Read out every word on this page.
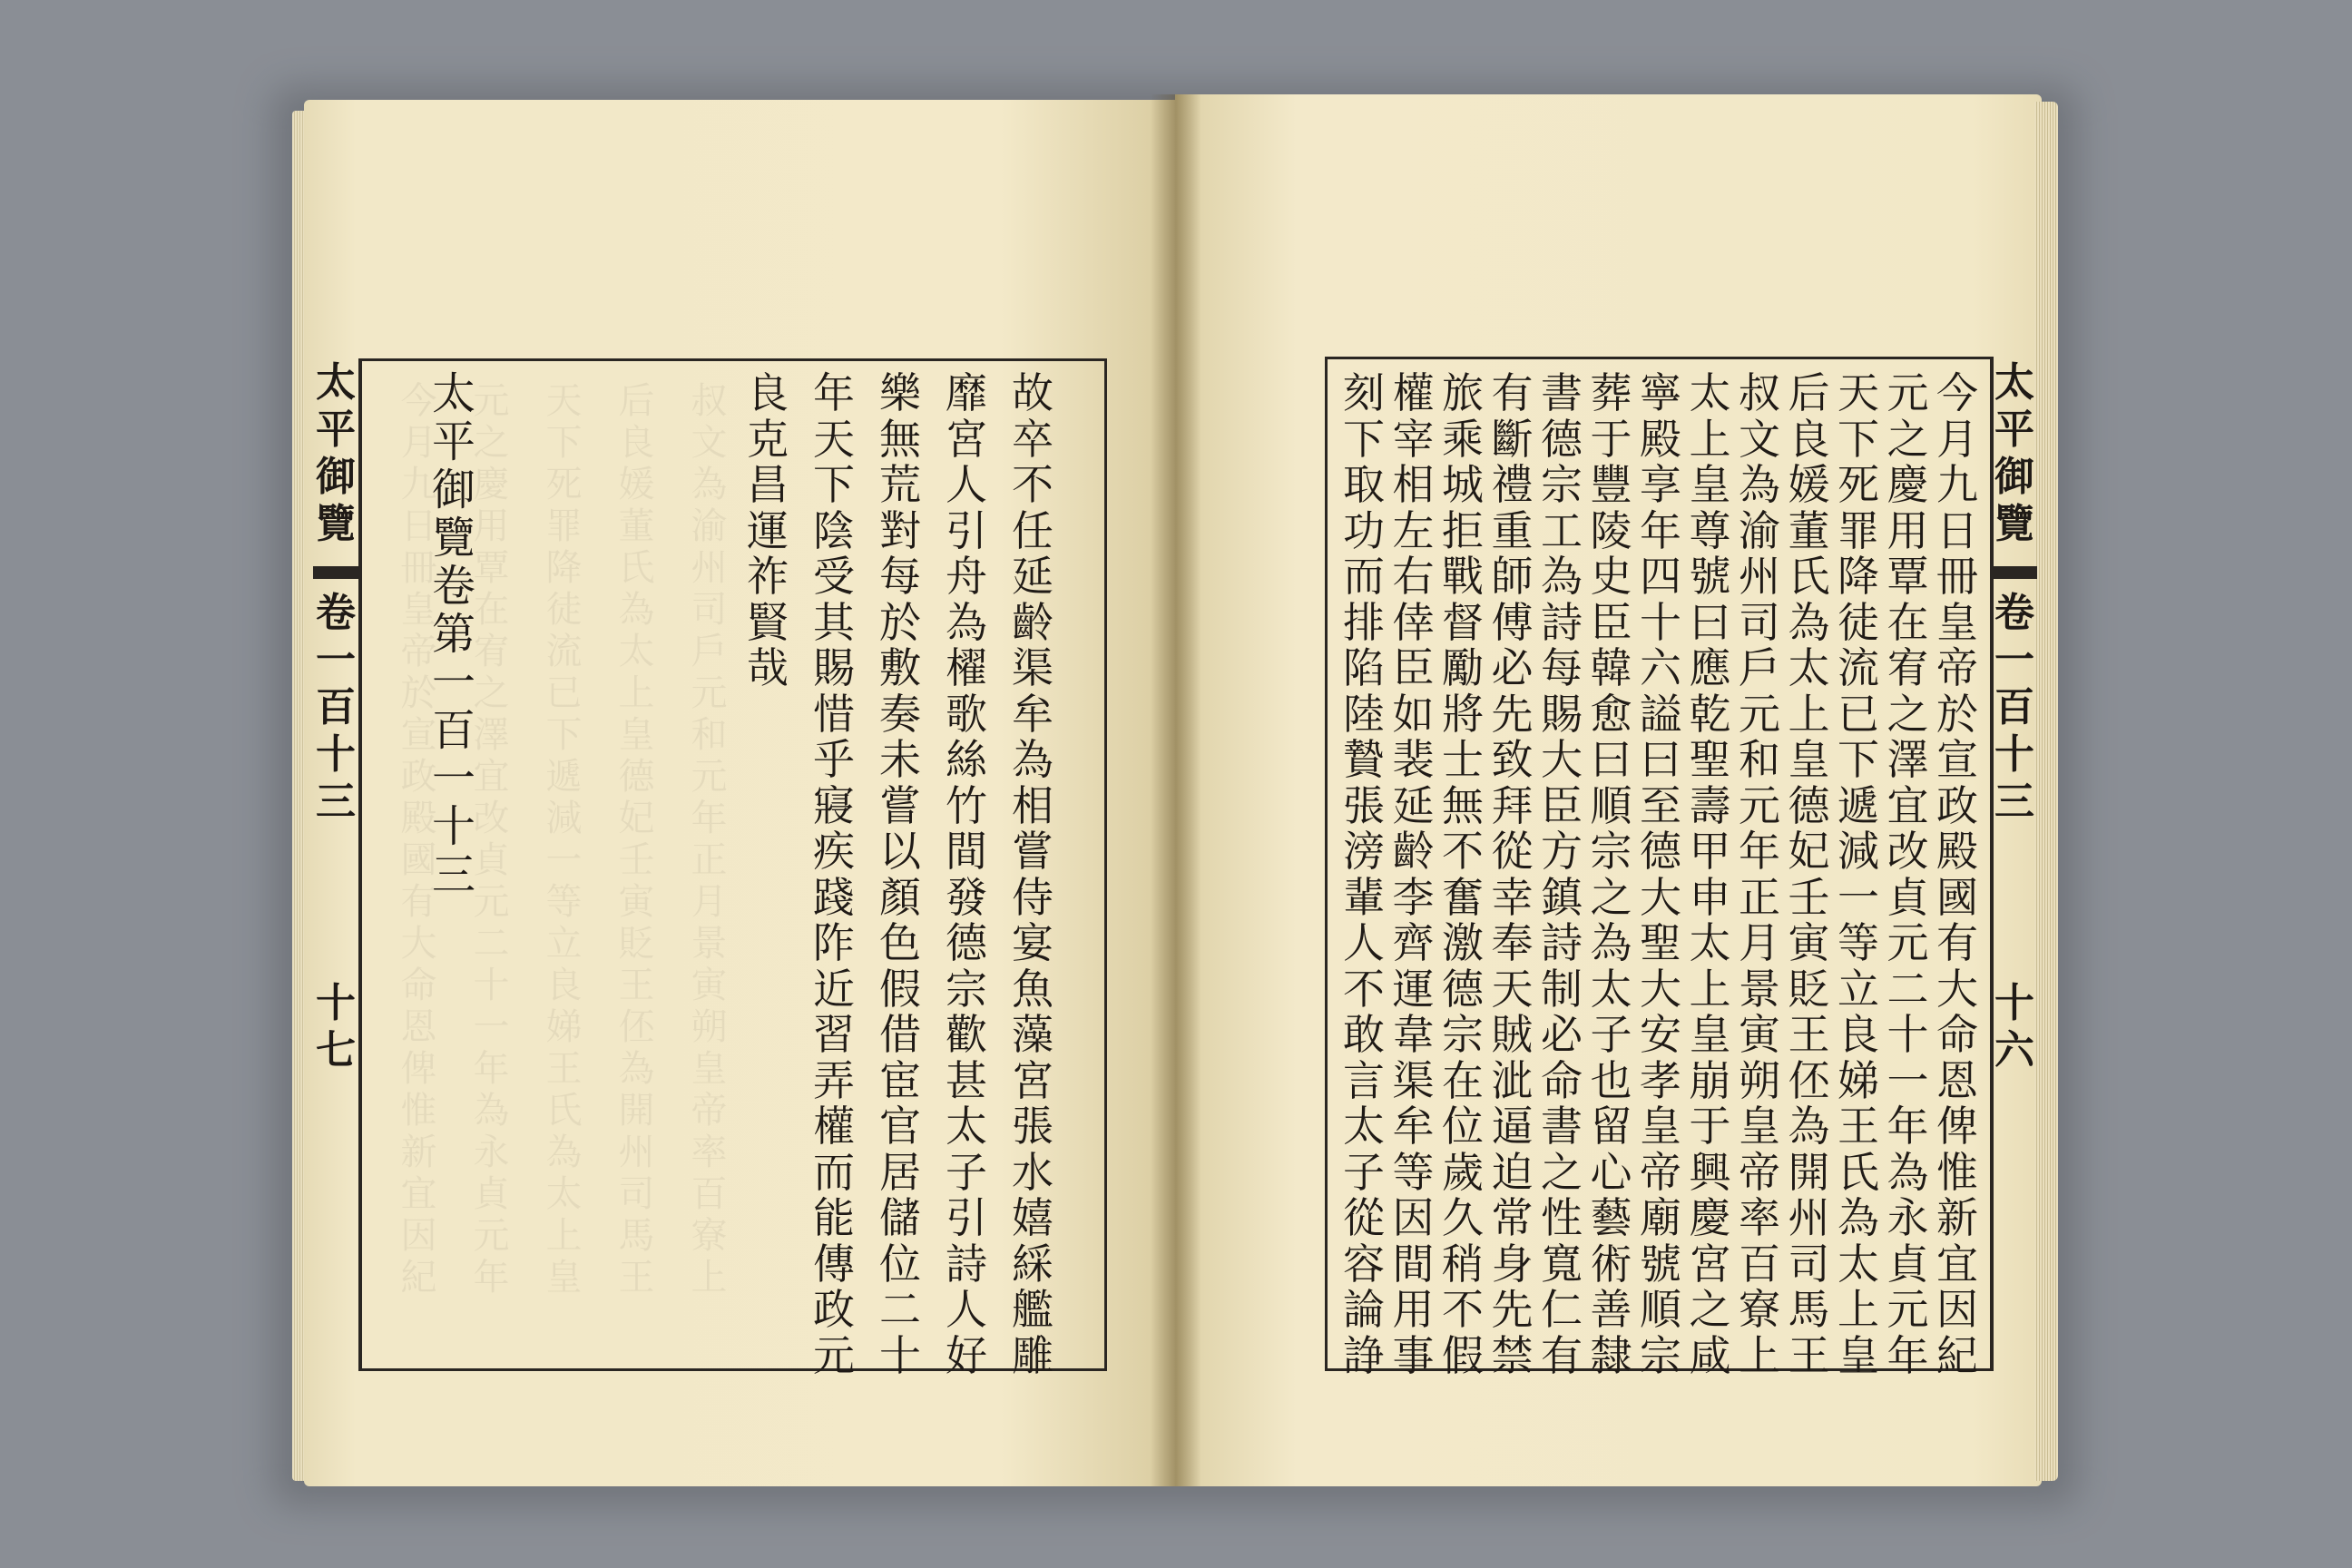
今月九日冊皇帝於宣政殿國有大命恩俾惟新宜因紀 元之慶用覃在宥之澤宜改貞元二十一年為永貞元年 天下死罪降徒流已下遞減一等立良娣王氏為太上皇 后良媛董氏為太上皇德妃壬寅貶王伾為開州司馬王 叔文為渝州司戶元和元年正月景寅朔皇帝率百寮上
太
平
御
覽
卷
一
百
十
三
十
七
故
卒
不
任
延
齡
渠
牟
為
相
嘗
侍
宴
魚
藻
宮
張
水
嬉
綵
艦
雕
靡
宮
人
引
舟
為
櫂
歌
絲
竹
間
發
德
宗
歡
甚
太
子
引
詩
人
好
樂
無
荒
對
每
於
敷
奏
未
嘗
以
顏
色
假
借
宦
官
居
儲
位
二
十
年
天
下
陰
受
其
賜
惜
乎
寢
疾
踐
阼
近
習
弄
權
而
能
傳
政
元
良
克
昌
運
祚
賢
哉
太
平
御
覽
卷
第
一
百
一
十
三
太
平
御
覽
卷
一
百
十
三
十
六
今
月
九
日
冊
皇
帝
於
宣
政
殿
國
有
大
命
恩
俾
惟
新
宜
因
紀
元
之
慶
用
覃
在
宥
之
澤
宜
改
貞
元
二
十
一
年
為
永
貞
元
年
天
下
死
罪
降
徒
流
已
下
遞
減
一
等
立
良
娣
王
氏
為
太
上
皇
后
良
媛
董
氏
為
太
上
皇
德
妃
壬
寅
貶
王
伾
為
開
州
司
馬
王
叔
文
為
渝
州
司
戶
元
和
元
年
正
月
景
寅
朔
皇
帝
率
百
寮
上
太
上
皇
尊
號
曰
應
乾
聖
壽
甲
申
太
上
皇
崩
于
興
慶
宮
之
咸
寧
殿
享
年
四
十
六
謚
曰
至
德
大
聖
大
安
孝
皇
帝
廟
號
順
宗
葬
于
豐
陵
史
臣
韓
愈
曰
順
宗
之
為
太
子
也
留
心
藝
術
善
隸
書
德
宗
工
為
詩
每
賜
大
臣
方
鎮
詩
制
必
命
書
之
性
寬
仁
有
有
斷
禮
重
師
傅
必
先
致
拜
從
幸
奉
天
賊
泚
逼
迫
常
身
先
禁
旅
乘
城
拒
戰
督
勵
將
士
無
不
奮
激
德
宗
在
位
歲
久
稍
不
假
權
宰
相
左
右
倖
臣
如
裴
延
齡
李
齊
運
韋
渠
牟
等
因
間
用
事
刻
下
取
功
而
排
陷
陸
贄
張
滂
輩
人
不
敢
言
太
子
從
容
論
諍
